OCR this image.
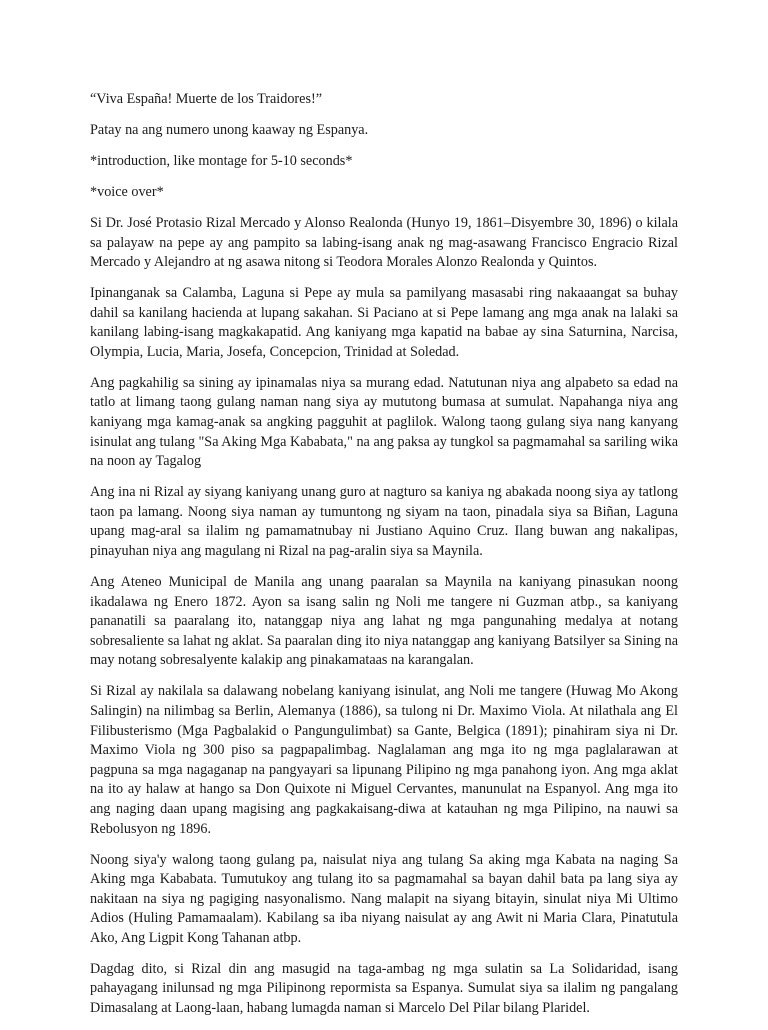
“Viva España! Muerte de los Traidores!”

Patay na ang numero unong kaaway ng Espanya.

*introduction, like montage for 5-10 seconds*

*voice over*

Si Dr. José Protasio Rizal Mercado y Alonso Realonda (Hunyo 19, 1861–Disyembre 30, 1896) o kilala sa palayaw na pepe ay ang pampito sa labing-isang anak ng mag-asawang Francisco Engracio Rizal Mercado y Alejandro at ng asawa nitong si Teodora Morales Alonzo Realonda y Quintos.

Ipinanganak sa Calamba, Laguna si Pepe ay mula sa pamilyang masasabi ring nakaaangat sa buhay dahil sa kanilang hacienda at lupang sakahan. Si Paciano at si Pepe lamang ang mga anak na lalaki sa kanilang labing-isang magkakapatid. Ang kaniyang mga kapatid na babae ay sina Saturnina, Narcisa, Olympia, Lucia, Maria, Josefa, Concepcion, Trinidad at Soledad.

Ang pagkahilig sa sining ay ipinamalas niya sa murang edad. Natutunan niya ang alpabeto sa edad na tatlo at limang taong gulang naman nang siya ay mututong bumasa at sumulat. Napahanga niya ang kaniyang mga kamag-anak sa angking pagguhit at paglilok. Walong taong gulang siya nang kanyang isinulat ang tulang "Sa Aking Mga Kababata," na ang paksa ay tungkol sa pagmamahal sa sariling wika na noon ay Tagalog

Ang ina ni Rizal ay siyang kaniyang unang guro at nagturo sa kaniya ng abakada noong siya ay tatlong taon pa lamang. Noong siya naman ay tumuntong ng siyam na taon, pinadala siya sa Biñan, Laguna upang mag-aral sa ilalim ng pamamatnubay ni Justiano Aquino Cruz. Ilang buwan ang nakalipas, pinayuhan niya ang magulang ni Rizal na pag-aralin siya sa Maynila.

Ang Ateneo Municipal de Manila ang unang paaralan sa Maynila na kaniyang pinasukan noong ikadalawa ng Enero 1872. Ayon sa isang salin ng Noli me tangere ni Guzman atbp., sa kaniyang pananatili sa paaralang ito, natanggap niya ang lahat ng mga pangunahing medalya at notang sobresaliente sa lahat ng aklat. Sa paaralan ding ito niya natanggap ang kaniyang Batsilyer sa Sining na may notang sobresalyente kalakip ang pinakamataas na karangalan.

Si Rizal ay nakilala sa dalawang nobelang kaniyang isinulat, ang Noli me tangere (Huwag Mo Akong Salingin) na nilimbag sa Berlin, Alemanya (1886), sa tulong ni Dr. Maximo Viola. At nilathala ang El Filibusterismo (Mga Pagbalakid o Pangungulimbat) sa Gante, Belgica (1891); pinahiram siya ni Dr. Maximo Viola ng 300 piso sa pagpapalimbag. Naglalaman ang mga ito ng mga paglalarawan at pagpuna sa mga nagaganap na pangyayari sa lipunang Pilipino ng mga panahong iyon. Ang mga aklat na ito ay halaw at hango sa Don Quixote ni Miguel Cervantes, manunulat na Espanyol. Ang mga ito ang naging daan upang magising ang pagkakaisang-diwa at katauhan ng mga Pilipino, na nauwi sa Rebolusyon ng 1896.

Noong siya'y walong taong gulang pa, naisulat niya ang tulang Sa aking mga Kabata na naging Sa Aking mga Kababata. Tumutukoy ang tulang ito sa pagmamahal sa bayan dahil bata pa lang siya ay nakitaan na siya ng pagiging nasyonalismo. Nang malapit na siyang bitayin, sinulat niya Mi Ultimo Adios (Huling Pamamaalam). Kabilang sa iba niyang naisulat ay ang Awit ni Maria Clara, Pinatutula Ako, Ang Ligpit Kong Tahanan atbp.

Dagdag dito, si Rizal din ang masugid na taga-ambag ng mga sulatin sa La Solidaridad, isang pahayagang inilunsad ng mga Pilipinong repormista sa Espanya. Sumulat siya sa ilalim ng pangalang Dimasalang at Laong-laan, habang lumagda naman si Marcelo Del Pilar bilang Plaridel.
